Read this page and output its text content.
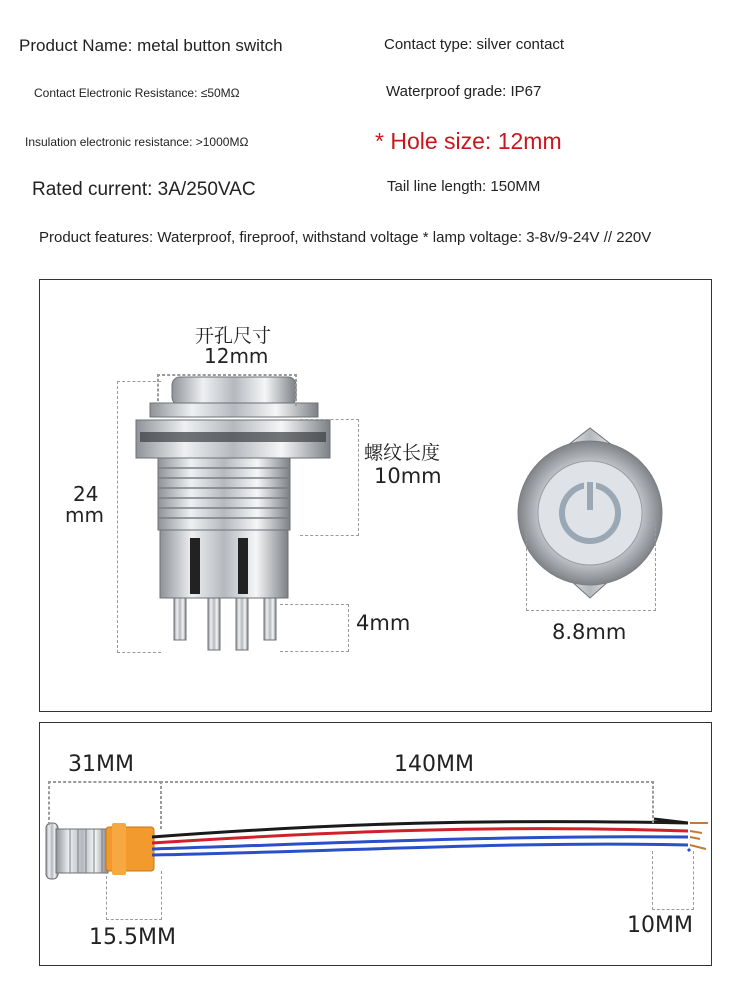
Product Name: metal button switch	Contact type: silver contact
Contact Electronic Resistance: ≤50MΩ	Waterproof grade: IP67
Insulation electronic resistance: >1000MΩ	* Hole size: 12mm
Rated current: 3A/250VAC	Tail line length: 150MM
Product features: Waterproof, fireproof, withstand voltage * lamp voltage: 3-8v/9-24V // 220V
开孔尺寸
12mm
24
mm
螺纹长度
10mm
4mm	8.8mm
31MM	140MM
15.5MM	10MM
